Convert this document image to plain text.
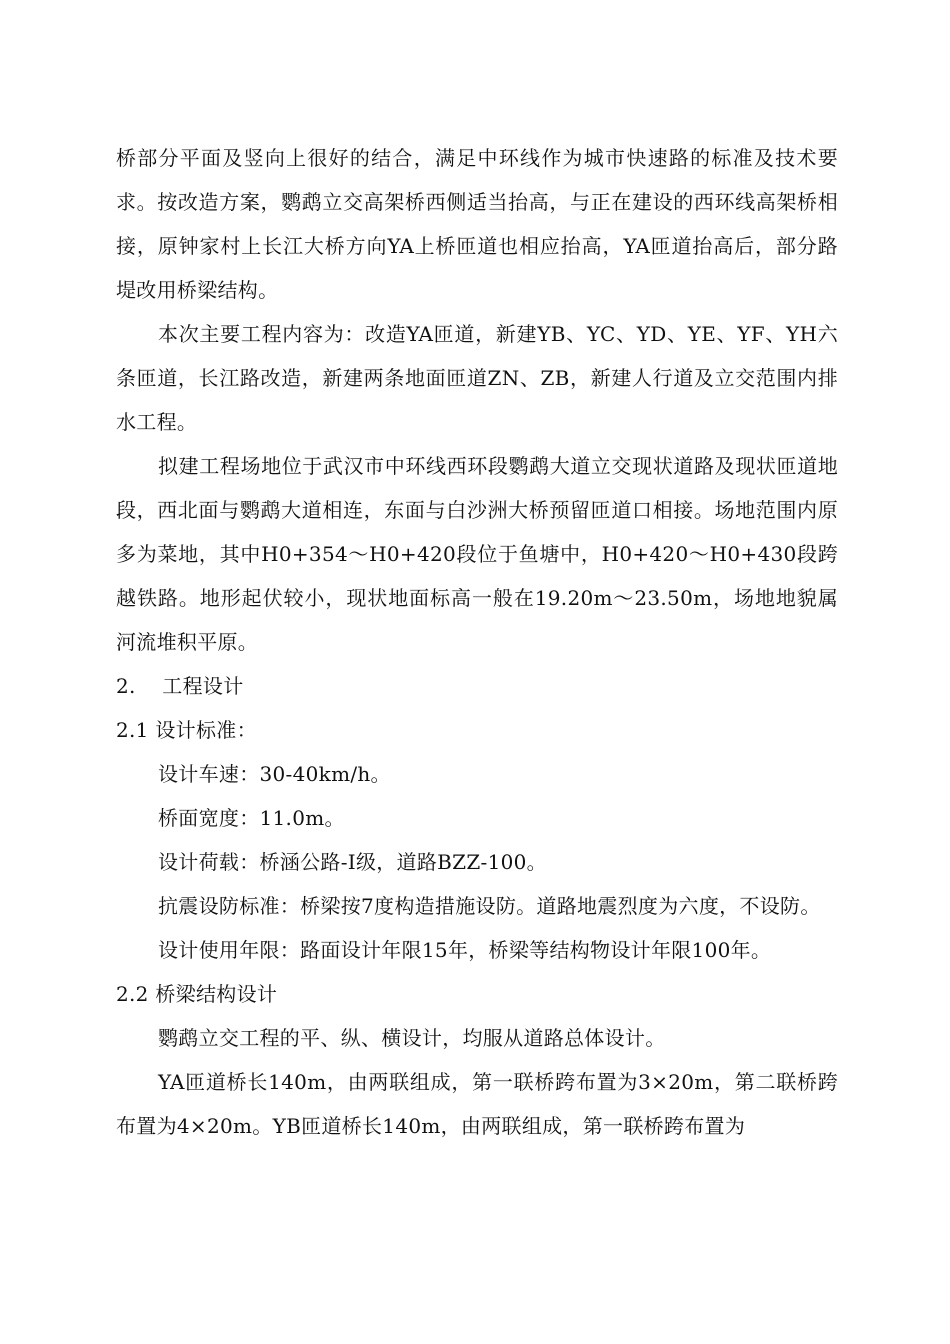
桥部分平面及竖向上很好的结合，满足中环线作为城市快速路的标准及技术要求。按改造方案，鹦鹉立交高架桥西侧适当抬高，与正在建设的西环线高架桥相接，原钟家村上长江大桥方向YA上桥匝道也相应抬高，YA匝道抬高后，部分路堤改用桥梁结构。

本次主要工程内容为：改造YA匝道，新建YB、YC、YD、YE、YF、YH六条匝道，长江路改造，新建两条地面匝道ZN、ZB，新建人行道及立交范围内排水工程。

拟建工程场地位于武汉市中环线西环段鹦鹉大道立交现状道路及现状匝道地段，西北面与鹦鹉大道相连，东面与白沙洲大桥预留匝道口相接。场地范围内原多为菜地，其中H0+354～H0+420段位于鱼塘中，H0+420～H0+430段跨越铁路。地形起伏较小，现状地面标高一般在19.20m～23.50m，场地地貌属河流堆积平原。

2.    工程设计

2.1 设计标准：

设计车速：30-40km/h。

桥面宽度：11.0m。

设计荷载：桥涵公路-Ⅰ级，道路BZZ-100。

抗震设防标准：桥梁按7度构造措施设防。道路地震烈度为六度，不设防。

设计使用年限：路面设计年限15年，桥梁等结构物设计年限100年。

2.2 桥梁结构设计

鹦鹉立交工程的平、纵、横设计，均服从道路总体设计。

YA匝道桥长140m，由两联组成，第一联桥跨布置为3×20m，第二联桥跨布置为4×20m。YB匝道桥长140m，由两联组成，第一联桥跨布置为
